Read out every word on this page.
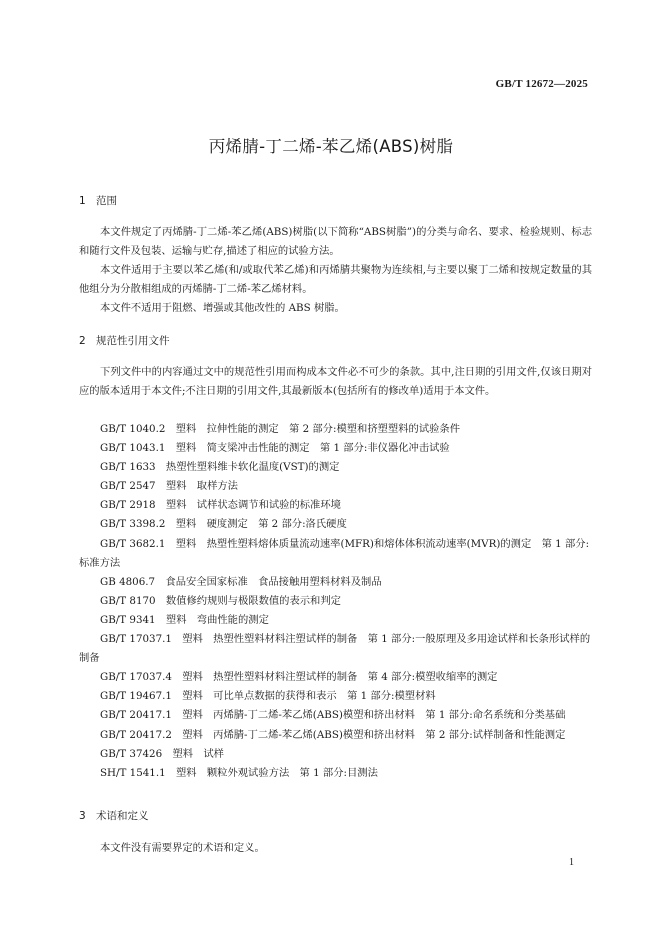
GB/T 12672—2025
丙烯腈-丁二烯-苯乙烯(ABS)树脂
1 范围

本文件规定了丙烯腈-丁二烯-苯乙烯(ABS)树脂(以下简称“ABS树脂”)的分类与命名、要求、检验规则、标志和随行文件及包装、运输与贮存,描述了相应的试验方法。

本文件适用于主要以苯乙烯(和/或取代苯乙烯)和丙烯腈共聚物为连续相,与主要以聚丁二烯和按规定数量的其他组分为分散相组成的丙烯腈-丁二烯-苯乙烯材料。

本文件不适用于阻燃、增强或其他改性的 ABS 树脂。

2 规范性引用文件

下列文件中的内容通过文中的规范性引用而构成本文件必不可少的条款。其中,注日期的引用文件,仅该日期对应的版本适用于本文件;不注日期的引用文件,其最新版本(包括所有的修改单)适用于本文件。

GB/T 1040.2　塑料　拉伸性能的测定　第 2 部分:模塑和挤塑塑料的试验条件

GB/T 1043.1　塑料　简支梁冲击性能的测定　第 1 部分:非仪器化冲击试验

GB/T 1633　热塑性塑料维卡软化温度(VST)的测定

GB/T 2547　塑料　取样方法

GB/T 2918　塑料　试样状态调节和试验的标准环境

GB/T 3398.2　塑料　硬度测定　第 2 部分:洛氏硬度

GB/T 3682.1　塑料　热塑性塑料熔体质量流动速率(MFR)和熔体体积流动速率(MVR)的测定　第 1 部分:标准方法

GB 4806.7　食品安全国家标准　食品接触用塑料材料及制品

GB/T 8170　数值修约规则与极限数值的表示和判定

GB/T 9341　塑料　弯曲性能的测定

GB/T 17037.1　塑料　热塑性塑料材料注塑试样的制备　第 1 部分:一般原理及多用途试样和长条形试样的制备

GB/T 17037.4　塑料　热塑性塑料材料注塑试样的制备　第 4 部分:模塑收缩率的测定

GB/T 19467.1　塑料　可比单点数据的获得和表示　第 1 部分:模塑材料

GB/T 20417.1　塑料　丙烯腈-丁二烯-苯乙烯(ABS)模塑和挤出材料　第 1 部分:命名系统和分类基础

GB/T 20417.2　塑料　丙烯腈-丁二烯-苯乙烯(ABS)模塑和挤出材料　第 2 部分:试样制备和性能测定

GB/T 37426　塑料　试样

SH/T 1541.1　塑料　颗粒外观试验方法　第 1 部分:目测法

3 术语和定义

本文件没有需要界定的术语和定义。

1
